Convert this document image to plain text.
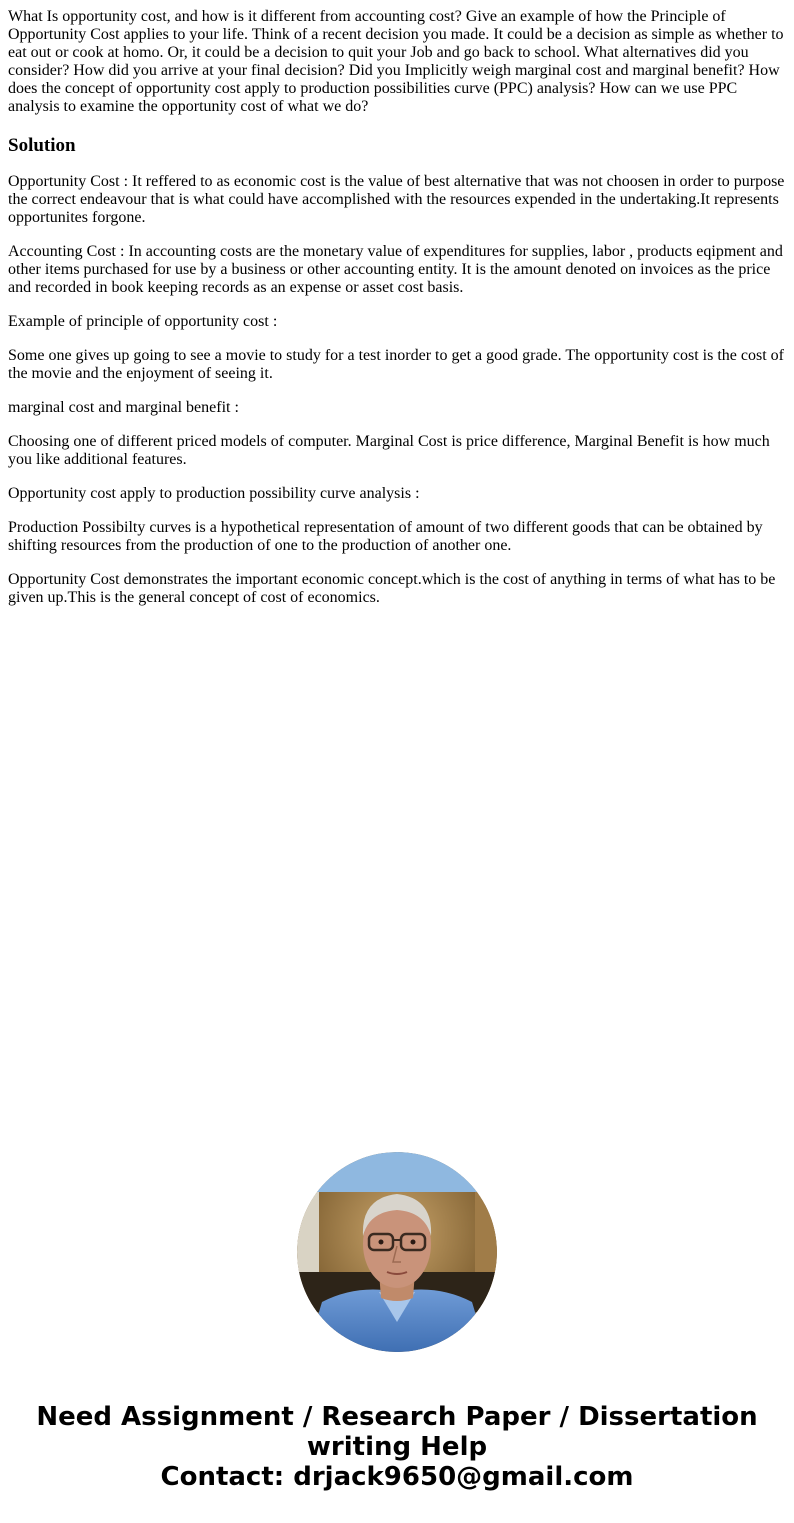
What Is opportunity cost, and how is it different from accounting cost? Give an example of how the Principle of Opportunity Cost applies to your life. Think of a recent decision you made. It could be a decision as simple as whether to eat out or cook at homo. Or, it could be a decision to quit your Job and go back to school. What alternatives did you consider? How did you arrive at your final decision? Did you Implicitly weigh marginal cost and marginal benefit? How does the concept of opportunity cost apply to production possibilities curve (PPC) analysis? How can we use PPC analysis to examine the opportunity cost of what we do?
Solution

Opportunity Cost : It reffered to as economic cost is the value of best alternative that was not choosen in order to purpose the correct endeavour that is what could have accomplished with the resources expended in the undertaking.It represents opportunites forgone.

Accounting Cost : In accounting costs are the monetary value of expenditures for supplies, labor , products eqipment and other items purchased for use by a business or other accounting entity. It is the amount denoted on invoices as the price and recorded in book keeping records as an expense or asset cost basis.

Example of principle of opportunity cost :

Some one gives up going to see a movie to study for a test inorder to get a good grade. The opportunity cost is the cost of the movie and the enjoyment of seeing it.

marginal cost and marginal benefit :

Choosing one of different priced models of computer. Marginal Cost is price difference, Marginal Benefit is how much you like additional features.

Opportunity cost apply to production possibility curve analysis :

Production Possibilty curves is a hypothetical representation of amount of two different goods that can be obtained by shifting resources from the production of one to the production of another one.

Opportunity Cost demonstrates the important economic concept.which is the cost of anything in terms of what has to be given up.This is the general concept of cost of economics.

Need Assignment / Research Paper / Dissertation writing Help
Contact: drjack9650@gmail.com
